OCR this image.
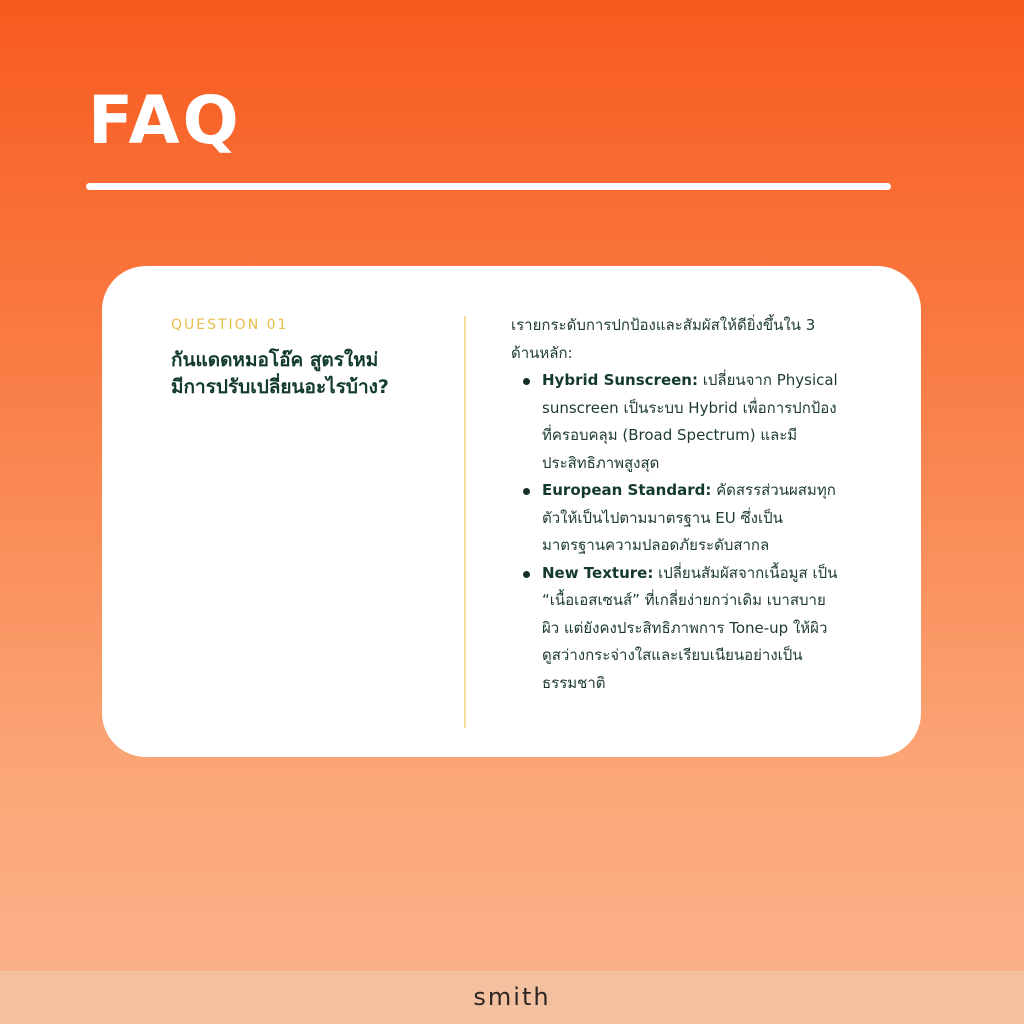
FAQ
QUESTION 01
กันแดดหมอโอ๊ค สูตรใหม่
มีการปรับเปลี่ยนอะไรบ้าง?
เรายกระดับการปกป้องและสัมผัสให้ดียิ่งขึ้นใน 3
ด้านหลัก:
Hybrid Sunscreen: เปลี่ยนจาก Physical
sunscreen เป็นระบบ Hybrid เพื่อการปกป้อง
ที่ครอบคลุม (Broad Spectrum) และมี
ประสิทธิภาพสูงสุด
European Standard: คัดสรรส่วนผสมทุก
ตัวให้เป็นไปตามมาตรฐาน EU ซึ่งเป็น
มาตรฐานความปลอดภัยระดับสากล
New Texture: เปลี่ยนสัมผัสจากเนื้อมูส เป็น
“เนื้อเอสเซนส์” ที่เกลี่ยง่ายกว่าเดิม เบาสบาย
ผิว แต่ยังคงประสิทธิภาพการ Tone-up ให้ผิว
ดูสว่างกระจ่างใสและเรียบเนียนอย่างเป็น
ธรรมชาติ
smith
